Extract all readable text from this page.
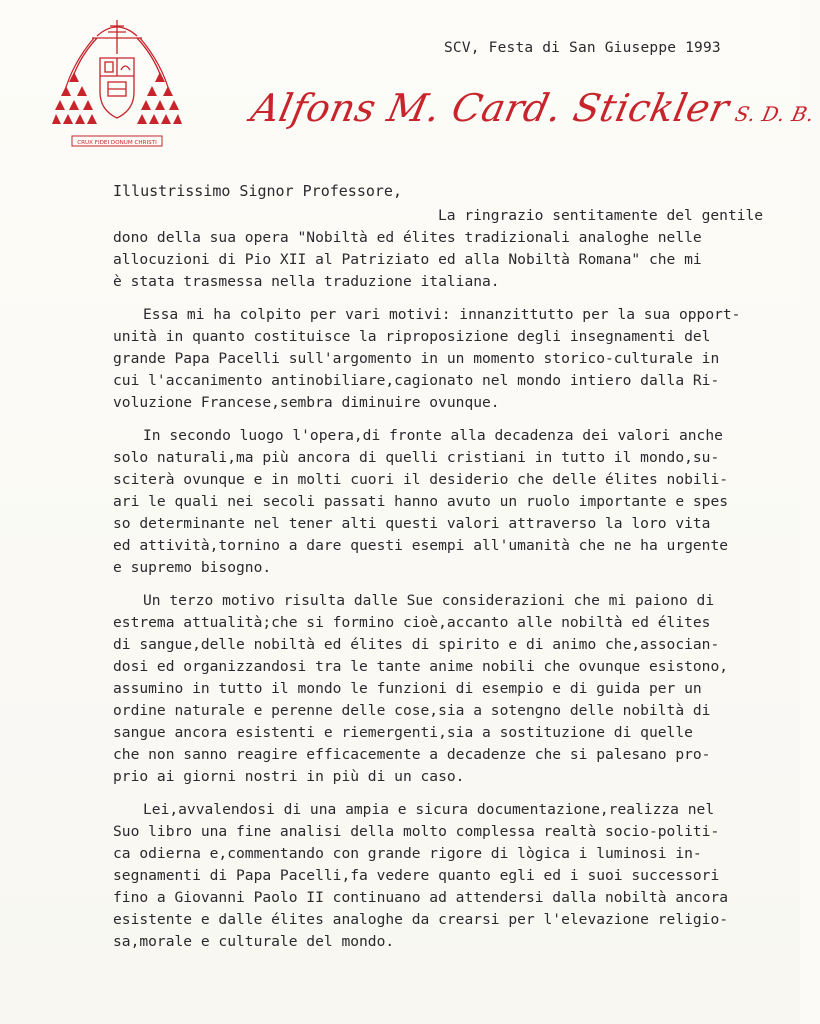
CRUX FIDEI DONUM CHRISTI
SCV, Festa di San Giuseppe 1993
Alfons M. Card. SticklerS. D. B.
Illustrissimo Signor Professore,

La ringrazio sentitamente del gentile
dono della sua opera "Nobiltà ed élites tradizionali analoghe nelle
allocuzioni di Pio XII al Patriziato ed alla Nobiltà Romana" che mi
è stata trasmessa nella traduzione italiana.

Essa mi ha colpito per vari motivi: innanzittutto per la sua opport-
unità in quanto costituisce la riproposizione degli insegnamenti del
grande Papa Pacelli sull'argomento in un momento storico-culturale in
cui l'accanimento antinobiliare,cagionato nel mondo intiero dalla Ri-
voluzione Francese,sembra diminuire ovunque.

In secondo luogo l'opera,di fronte alla decadenza dei valori anche
solo naturali,ma più ancora di quelli cristiani in tutto il mondo,su-
sciterà ovunque e in molti cuori il desiderio che delle élites nobili-
ari le quali nei secoli passati hanno avuto un ruolo importante e spes
so determinante nel tener alti questi valori attraverso la loro vita
ed attività,tornino a dare questi esempi all'umanità che ne ha urgente
e supremo bisogno.

Un terzo motivo risulta dalle Sue considerazioni che mi paiono di
estrema attualità;che si formino cioè,accanto alle nobiltà ed élites
di sangue,delle nobiltà ed élites di spirito e di animo che,associan-
dosi ed organizzandosi tra le tante anime nobili che ovunque esistono,
assumino in tutto il mondo le funzioni di esempio e di guida per un
ordine naturale e perenne delle cose,sia a sotengno delle nobiltà di
sangue ancora esistenti e riemergenti,sia a sostituzione di quelle
che non sanno reagire efficacemente a decadenze che si palesano pro-
prio ai giorni nostri in più di un caso.

Lei,avvalendosi di una ampia e sicura documentazione,realizza nel
Suo libro una fine analisi della molto complessa realtà socio-politi-
ca odierna e,commentando con grande rigore di lògica i luminosi in-
segnamenti di Papa Pacelli,fa vedere quanto egli ed i suoi successori
fino a Giovanni Paolo II continuano ad attendersi dalla nobiltà ancora
esistente e dalle élites analoghe da crearsi per l'elevazione religio-
sa,morale e culturale del mondo.
